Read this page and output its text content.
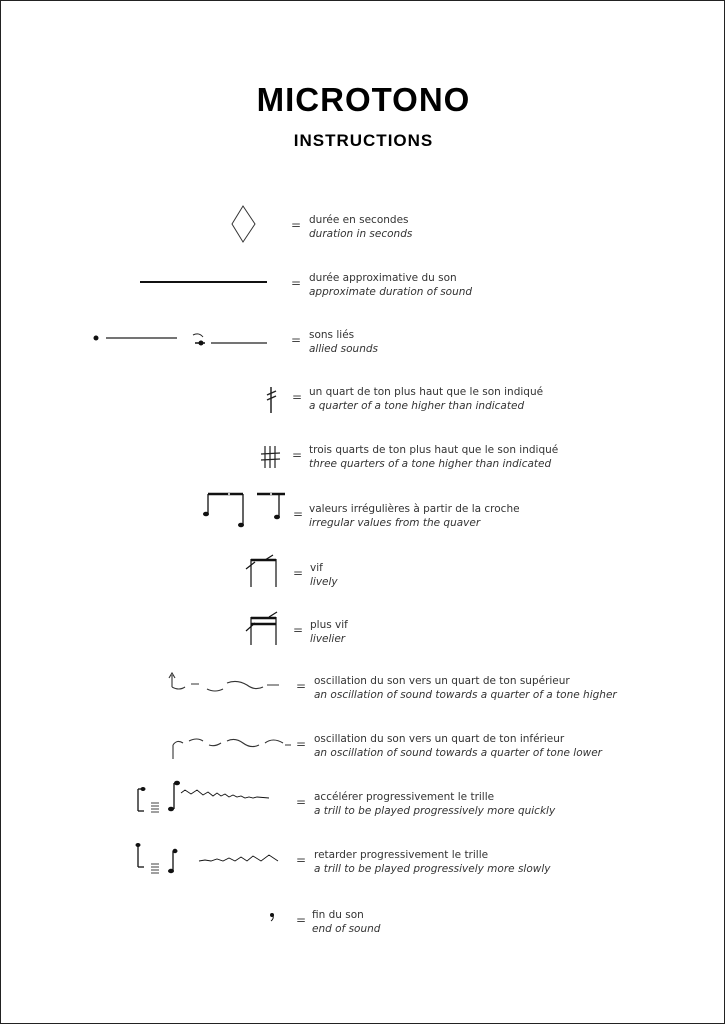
MICROTONO
INSTRUCTIONS
= durée en secondes
duration in seconds
= durée approximative du son
approximate duration of sound
= sons liés
allied sounds
= un quart de ton plus haut que le son indiqué
a quarter of a tone higher than indicated
= trois quarts de ton plus haut que le son indiqué
three quarters of a tone higher than indicated
= valeurs irrégulières à partir de la croche
irregular values from the quaver
= vif
lively
= plus vif
livelier
= oscillation du son vers un quart de ton supérieur
an oscillation of sound towards a quarter of a tone higher
= oscillation du son vers un quart de ton inférieur
an oscillation of sound towards a quarter of tone lower
= accélérer progressivement le trille
a trill to be played progressively more quickly
= retarder progressivement le trille
a trill to be played progressively more slowly
= fin du son
end of sound
